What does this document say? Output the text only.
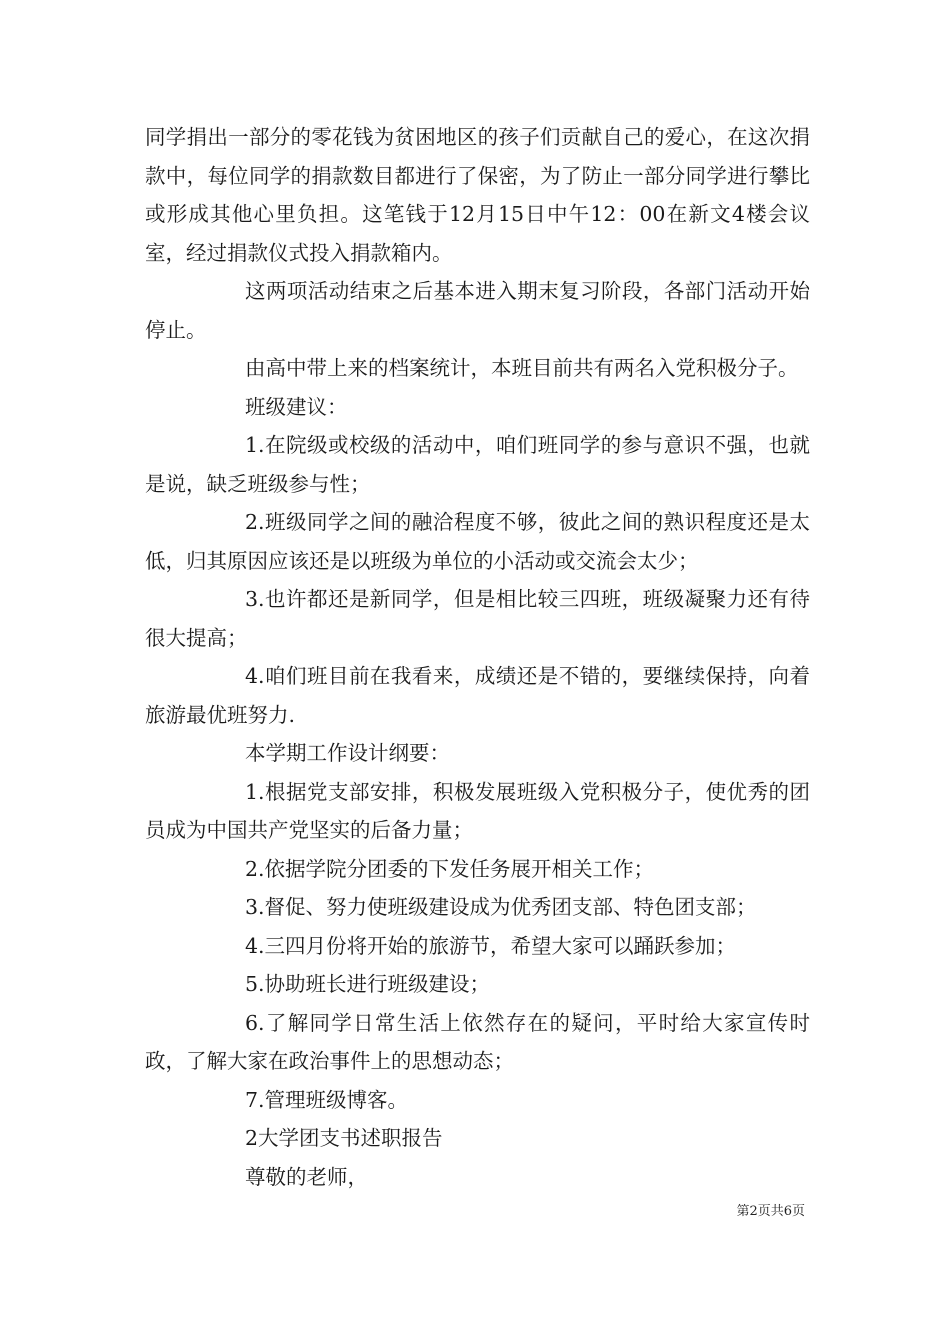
同学捐出一部分的零花钱为贫困地区的孩子们贡献自己的爱心，在这次捐款中，每位同学的捐款数目都进行了保密，为了防止一部分同学进行攀比或形成其他心里负担。这笔钱于12月15日中午12：00在新文4楼会议室，经过捐款仪式投入捐款箱内。

这两项活动结束之后基本进入期末复习阶段，各部门活动开始停止。

由高中带上来的档案统计，本班目前共有两名入党积极分子。

班级建议：

1.在院级或校级的活动中，咱们班同学的参与意识不强，也就是说，缺乏班级参与性；

2.班级同学之间的融洽程度不够，彼此之间的熟识程度还是太低，归其原因应该还是以班级为单位的小活动或交流会太少；

3.也许都还是新同学，但是相比较三四班，班级凝聚力还有待很大提高；

4.咱们班目前在我看来，成绩还是不错的，要继续保持，向着旅游最优班努力.

本学期工作设计纲要：

1.根据党支部安排，积极发展班级入党积极分子，使优秀的团员成为中国共产党坚实的后备力量；

2.依据学院分团委的下发任务展开相关工作；

3.督促、努力使班级建设成为优秀团支部、特色团支部；

4.三四月份将开始的旅游节，希望大家可以踊跃参加；

5.协助班长进行班级建设；

6.了解同学日常生活上依然存在的疑问，平时给大家宣传时政，了解大家在政治事件上的思想动态；

7.管理班级博客。

2大学团支书述职报告

尊敬的老师，

第2页共6页
